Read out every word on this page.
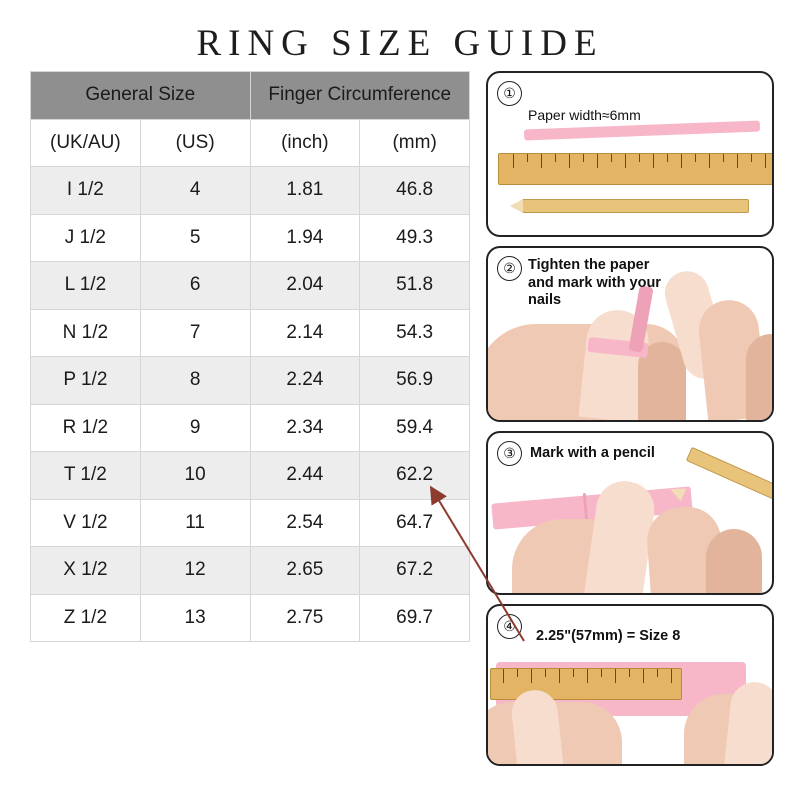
RING SIZE GUIDE
General Size		Finger Circumference	
(UK/AU)	(US)	(inch)	(mm)
I 1/2	4	1.81	46.8
J 1/2	5	1.94	49.3
L 1/2	6	2.04	51.8
N 1/2	7	2.14	54.3
P 1/2	8	2.24	56.9
R 1/2	9	2.34	59.4
T 1/2	10	2.44	62.2
V 1/2	11	2.54	64.7
X 1/2	12	2.65	67.2
Z 1/2	13	2.75	69.7
①
Paper width≈6mm
② Tighten the paper and mark with your nails
③ Mark with a pencil
④
2.25"(57mm) = Size 8
